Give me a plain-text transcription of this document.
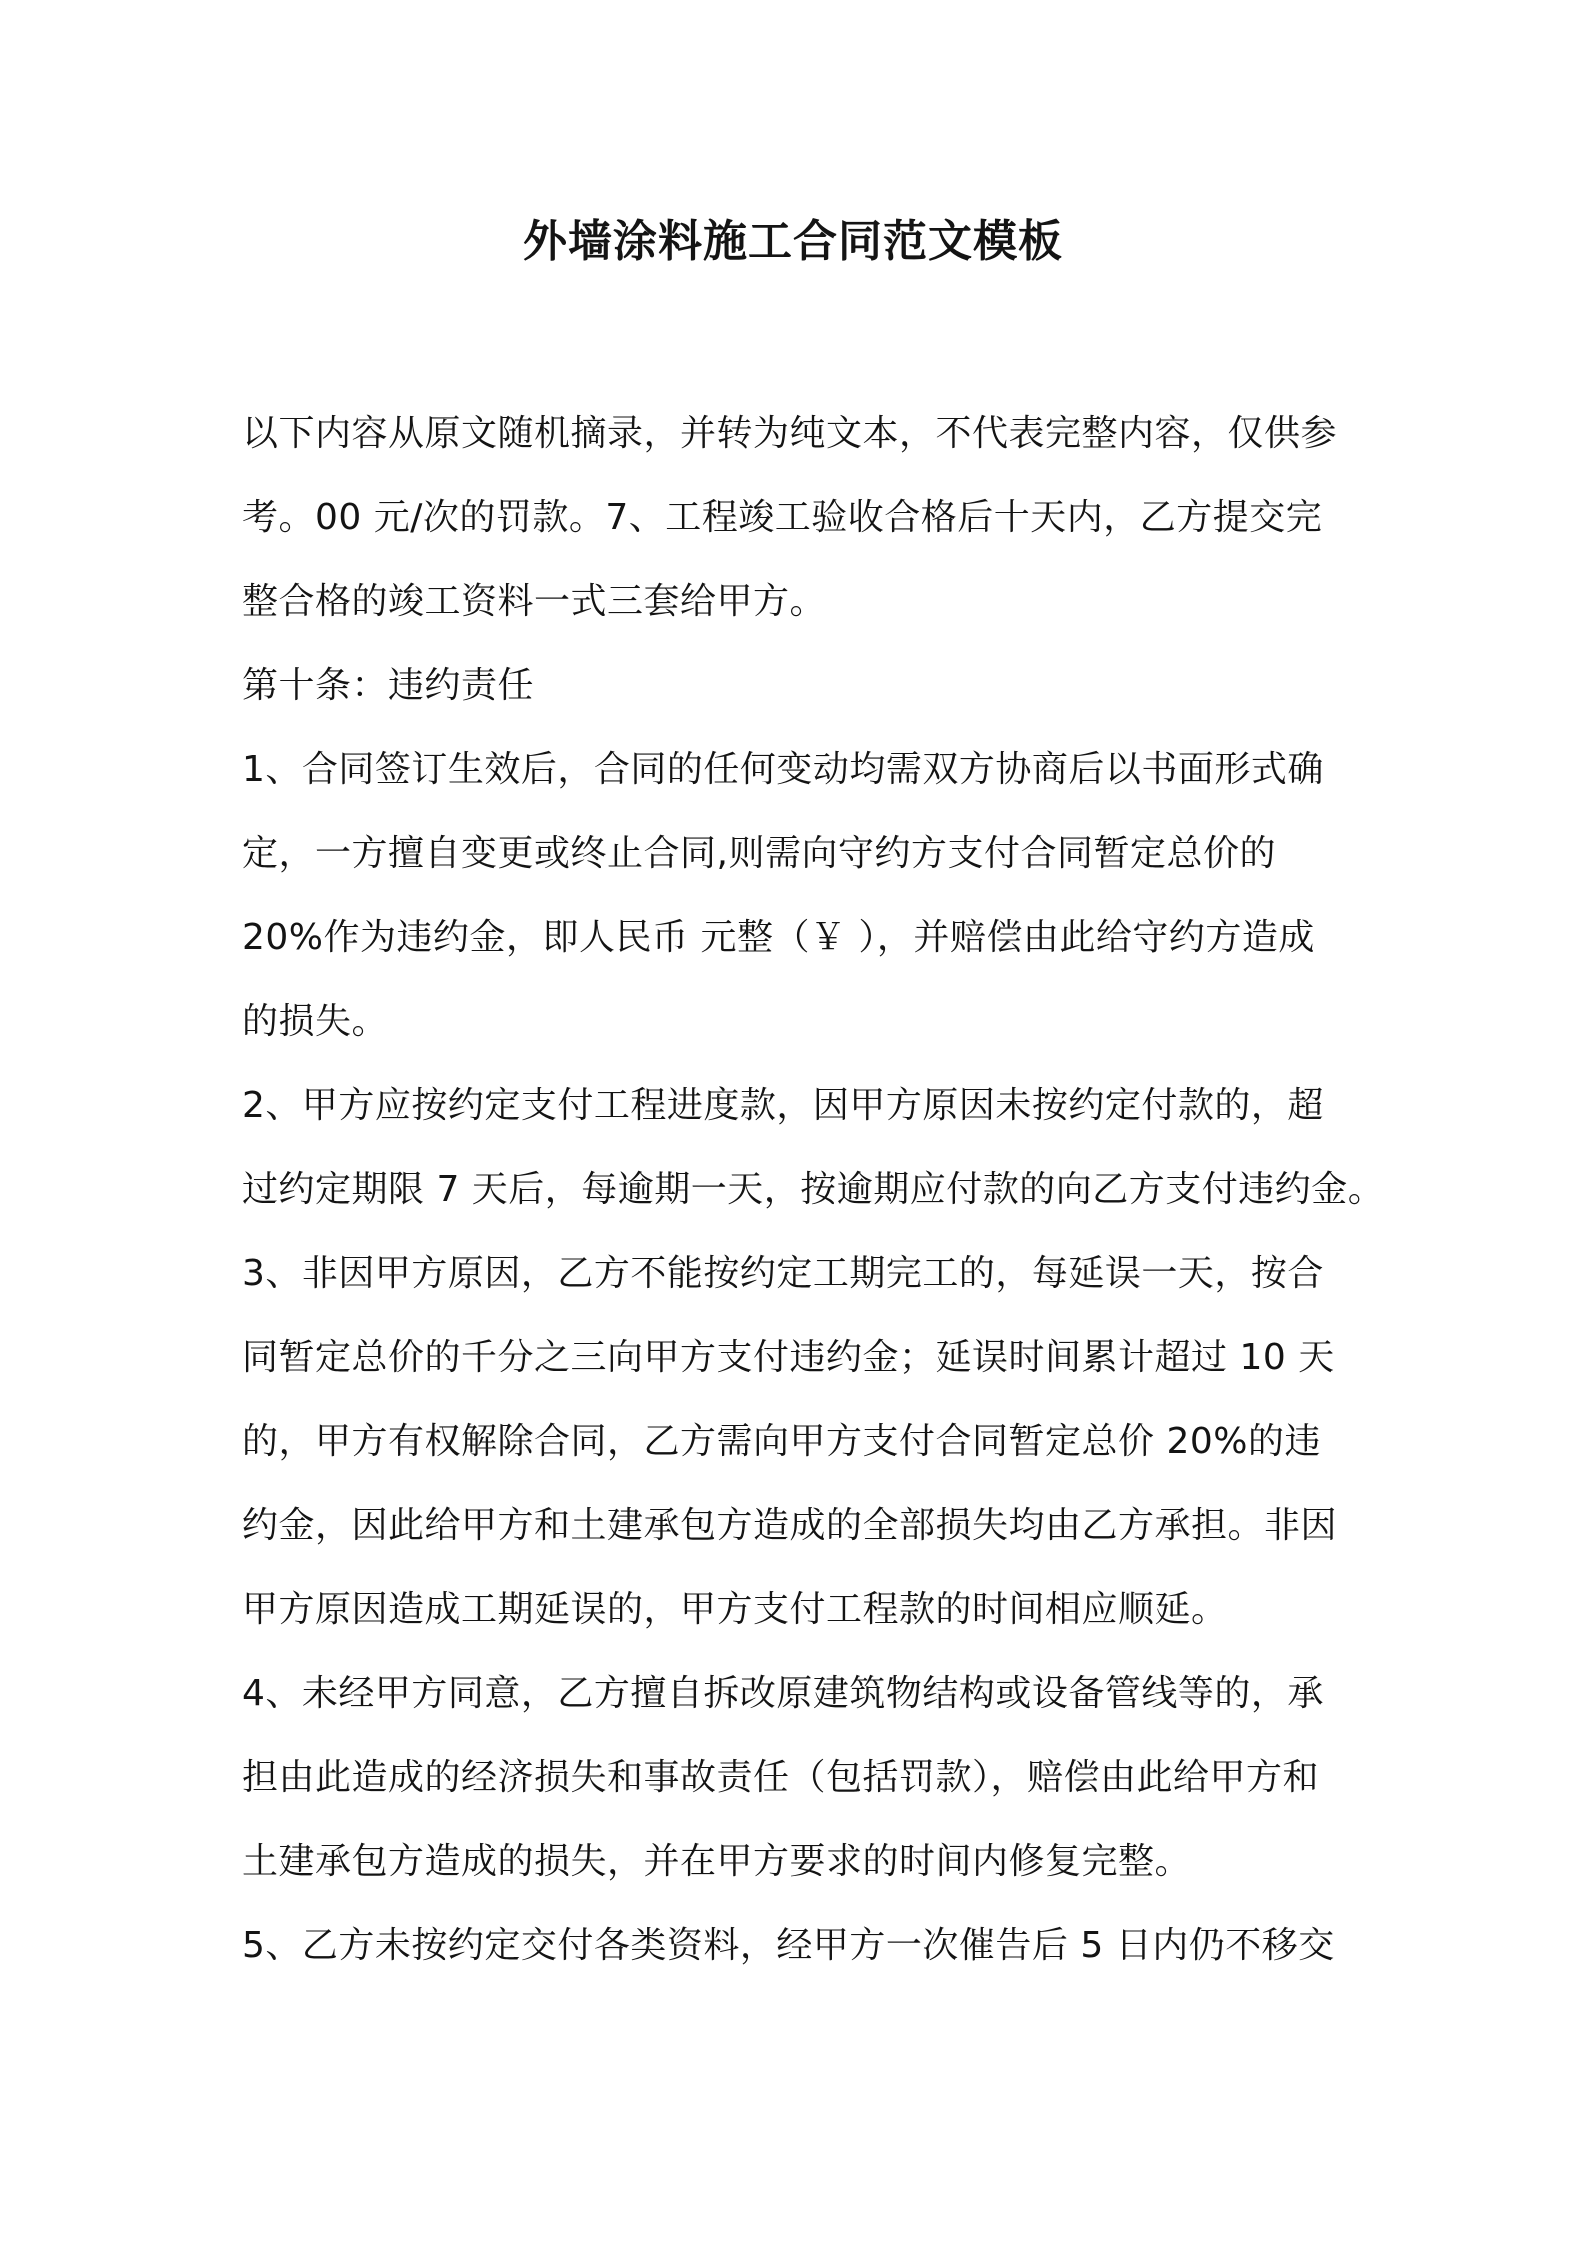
外墙涂料施工合同范文模板

以下内容从原文随机摘录，并转为纯文本，不代表完整内容，仅供参

考。00 元/次的罚款。7、工程竣工验收合格后十天内，乙方提交完

整合格的竣工资料一式三套给甲方。

第十条：违约责任

1、合同签订生效后，合同的任何变动均需双方协商后以书面形式确

定，一方擅自变更或终止合同,则需向守约方支付合同暂定总价的

20%作为违约金，即人民币 元整（￥ ），并赔偿由此给守约方造成

的损失。

2、甲方应按约定支付工程进度款，因甲方原因未按约定付款的，超

过约定期限 7 天后，每逾期一天，按逾期应付款的向乙方支付违约金。

3、非因甲方原因，乙方不能按约定工期完工的，每延误一天，按合

同暂定总价的千分之三向甲方支付违约金；延误时间累计超过 10 天

的，甲方有权解除合同，乙方需向甲方支付合同暂定总价 20%的违

约金，因此给甲方和土建承包方造成的全部损失均由乙方承担。非因

甲方原因造成工期延误的，甲方支付工程款的时间相应顺延。

4、未经甲方同意，乙方擅自拆改原建筑物结构或设备管线等的，承

担由此造成的经济损失和事故责任（包括罚款），赔偿由此给甲方和

土建承包方造成的损失，并在甲方要求的时间内修复完整。

5、乙方未按约定交付各类资料，经甲方一次催告后 5 日内仍不移交
